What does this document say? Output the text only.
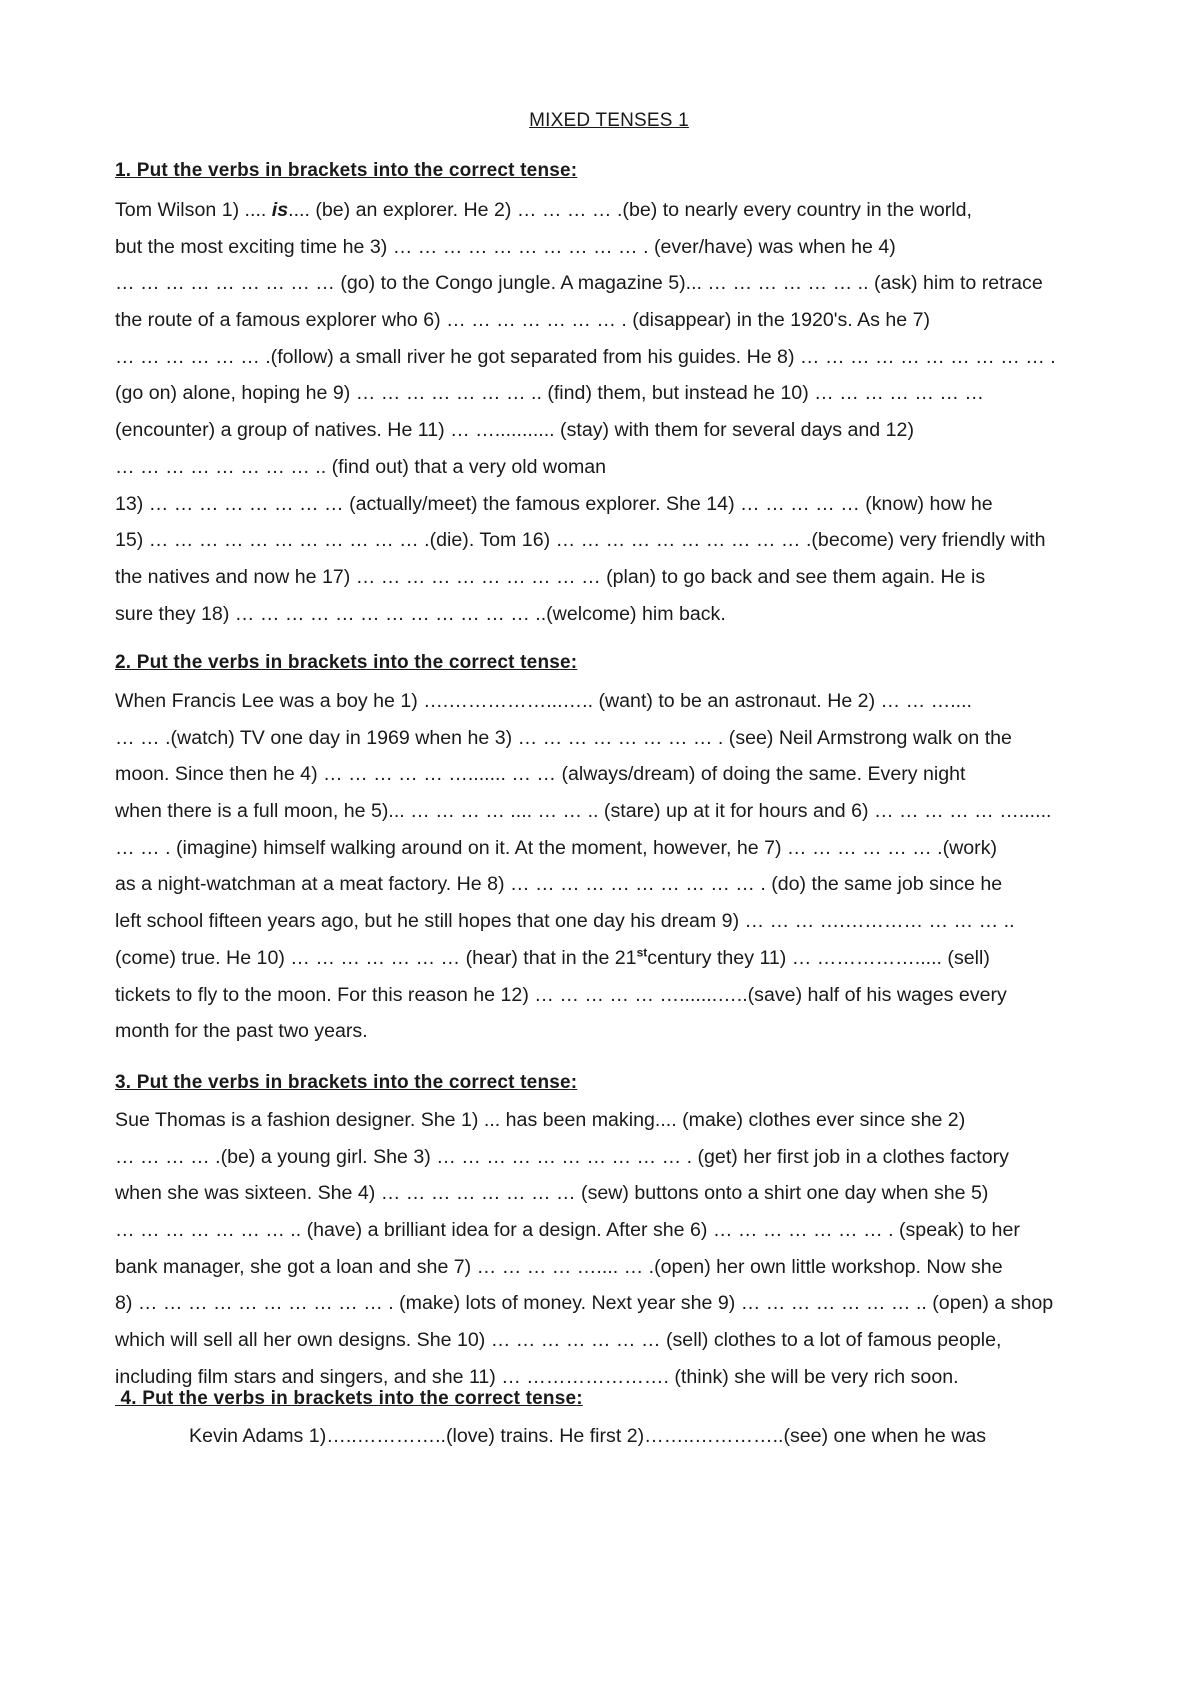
MIXED TENSES 1
1. Put the verbs in brackets into the correct tense:
Tom Wilson 1) .... is.... (be) an explorer. He 2) … … … … .(be) to nearly every country in the world,
but the most exciting time he 3) … … … … … … … … … … . (ever/have) was when he 4)
… … … … … … … … … (go) to the Congo jungle. A magazine 5)... … … … … … … .. (ask) him to retrace
the route of a famous explorer who 6) … … … … … … … . (disappear) in the 1920's. As he 7)
… … … … … … .(follow) a small river he got separated from his guides. He 8) … … … … … … … … … … .
(go on) alone, hoping he 9) … … … … … … … .. (find) them, but instead he 10) … … … … … … …
(encounter) a group of natives. He 11) … …........... (stay) with them for several days and 12)
… … … … … … … … .. (find out) that a very old woman
13) … … … … … … … … (actually/meet) the famous explorer. She 14) … … … … … (know) how he
15) … … … … … … … … … … … .(die). Tom 16) … … … … … … … … … … .(become) very friendly with
the natives and now he 17) … … … … … … … … … … (plan) to go back and see them again. He is
sure they 18) … … … … … … … … … … … … ..(welcome) him back.
2. Put the verbs in brackets into the correct tense:
When Francis Lee was a boy he 1) ….……………...….. (want) to be an astronaut. He 2) … … …....
… … .(watch) TV one day in 1969 when he 3) … … … … … … … … . (see) Neil Armstrong walk on the
moon. Since then he 4) … … … … … …....... … … (always/dream) of doing the same. Every night
when there is a full moon, he 5)... … … … … .... … … .. (stare) up at it for hours and 6) … … … … … …......
… … . (imagine) himself walking around on it. At the moment, however, he 7) … … … … … … .(work)
as a night-watchman at a meat factory. He 8) … … … … … … … … … … . (do) the same job since he
left school fifteen years ago, but he still hopes that one day his dream 9) … … … ….………… … … … ..
(come) true. He 10) … … … … … … … (hear) that in the 21stcentury they 11) … ……………..... (sell)
tickets to fly to the moon. For this reason he 12) … … … … … ….......…..(save) half of his wages every
month for the past two years.
3. Put the verbs in brackets into the correct tense:
Sue Thomas is a fashion designer. She 1) ... has been making.... (make) clothes ever since she 2)
… … … … .(be) a young girl. She 3) … … … … … … … … … … . (get) her first job in a clothes factory
when she was sixteen. She 4) … … … … … … … … (sew) buttons onto a shirt one day when she 5)
… … … … … … … .. (have) a brilliant idea for a design. After she 6) … … … … … … … . (speak) to her
bank manager, she got a loan and she 7) … … … … ….... … .(open) her own little workshop. Now she
8) … … … … … … … … … … . (make) lots of money. Next year she 9) … … … … … … … .. (open) a shop
which will sell all her own designs. She 10) … … … … … … … (sell) clothes to a lot of famous people,
including film stars and singers, and she 11) … …………………. (think) she will be very rich soon.
4. Put the verbs in brackets into the correct tense:
Kevin Adams 1)…..…………..(love) trains. He first 2)……..…………..(see) one when he was
